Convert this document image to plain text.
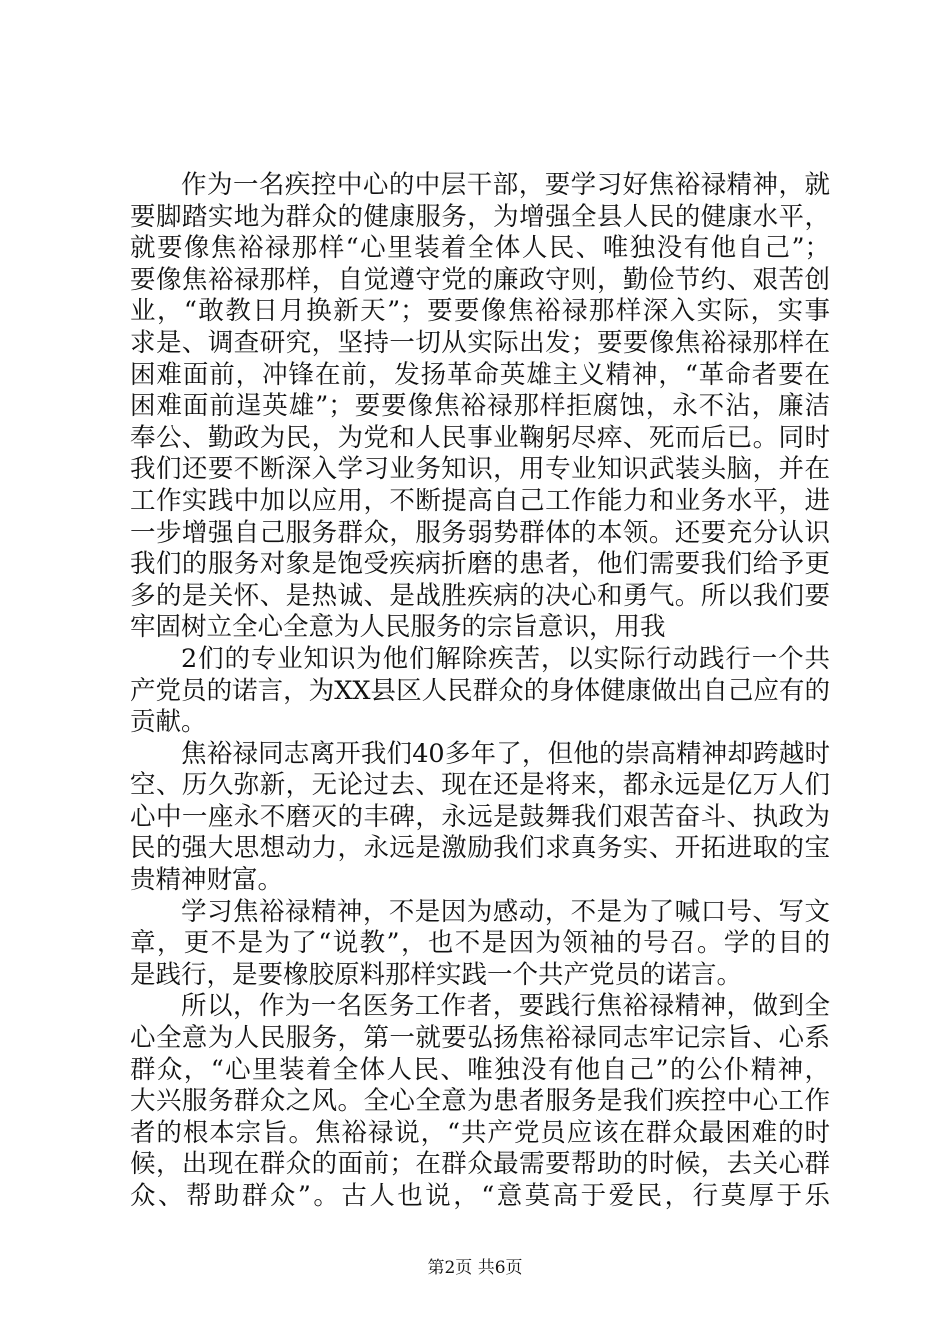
作为一名疾控中心的中层干部，要学习好焦裕禄精神，就
要脚踏实地为群众的健康服务，为增强全县人民的健康水平，
就要像焦裕禄那样“心里装着全体人民、唯独没有他自己”；
要像焦裕禄那样，自觉遵守党的廉政守则，勤俭节约、艰苦创
业，“敢教日月换新天”；要要像焦裕禄那样深入实际，实事
求是、调查研究，坚持一切从实际出发；要要像焦裕禄那样在
困难面前，冲锋在前，发扬革命英雄主义精神，“革命者要在
困难面前逞英雄”；要要像焦裕禄那样拒腐蚀，永不沾，廉洁
奉公、勤政为民，为党和人民事业鞠躬尽瘁、死而后已。同时
我们还要不断深入学习业务知识，用专业知识武装头脑，并在
工作实践中加以应用，不断提高自己工作能力和业务水平，进
一步增强自己服务群众，服务弱势群体的本领。还要充分认识
我们的服务对象是饱受疾病折磨的患者，他们需要我们给予更
多的是关怀、是热诚、是战胜疾病的决心和勇气。所以我们要
牢固树立全心全意为人民服务的宗旨意识，用我
2们的专业知识为他们解除疾苦，以实际行动践行一个共
产党员的诺言，为XX县区人民群众的身体健康做出自己应有的
贡献。
焦裕禄同志离开我们40多年了，但他的崇高精神却跨越时
空、历久弥新，无论过去、现在还是将来，都永远是亿万人们
心中一座永不磨灭的丰碑，永远是鼓舞我们艰苦奋斗、执政为
民的强大思想动力，永远是激励我们求真务实、开拓进取的宝
贵精神财富。
学习焦裕禄精神，不是因为感动，不是为了喊口号、写文
章，更不是为了“说教”，也不是因为领袖的号召。学的目的
是践行，是要橡胶原料那样实践一个共产党员的诺言。
所以，作为一名医务工作者，要践行焦裕禄精神，做到全
心全意为人民服务，第一就要弘扬焦裕禄同志牢记宗旨、心系
群众，“心里装着全体人民、唯独没有他自己”的公仆精神，
大兴服务群众之风。全心全意为患者服务是我们疾控中心工作
者的根本宗旨。焦裕禄说，“共产党员应该在群众最困难的时
候，出现在群众的面前；在群众最需要帮助的时候，去关心群
众、帮助群众”。古人也说，“意莫高于爱民，行莫厚于乐
第2页 共6页
